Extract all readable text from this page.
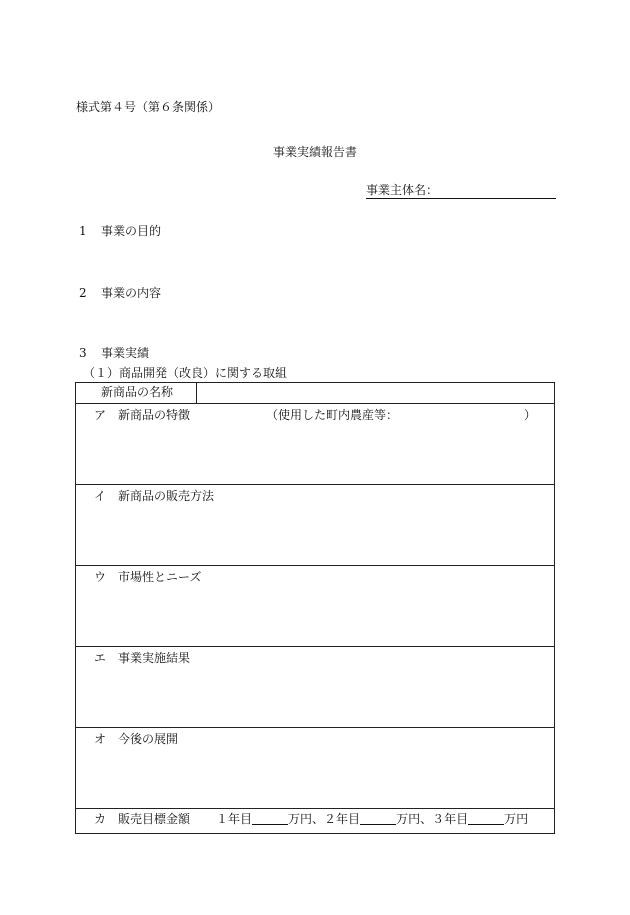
様式第４号（第６条関係）
事業実績報告書
事業主体名：
1 事業の目的
2 事業の内容
3 事業実績
（１）商品開発（改良）に関する取組
新商品の名称	

ア 新商品の特徴	（使用した町内農産等：	）

イ 新商品の販売方法

ウ 市場性とニーズ

エ 事業実施結果

オ 今後の展開

カ 販売目標金額 １年目	万円、２年目	万円、３年目	万円
